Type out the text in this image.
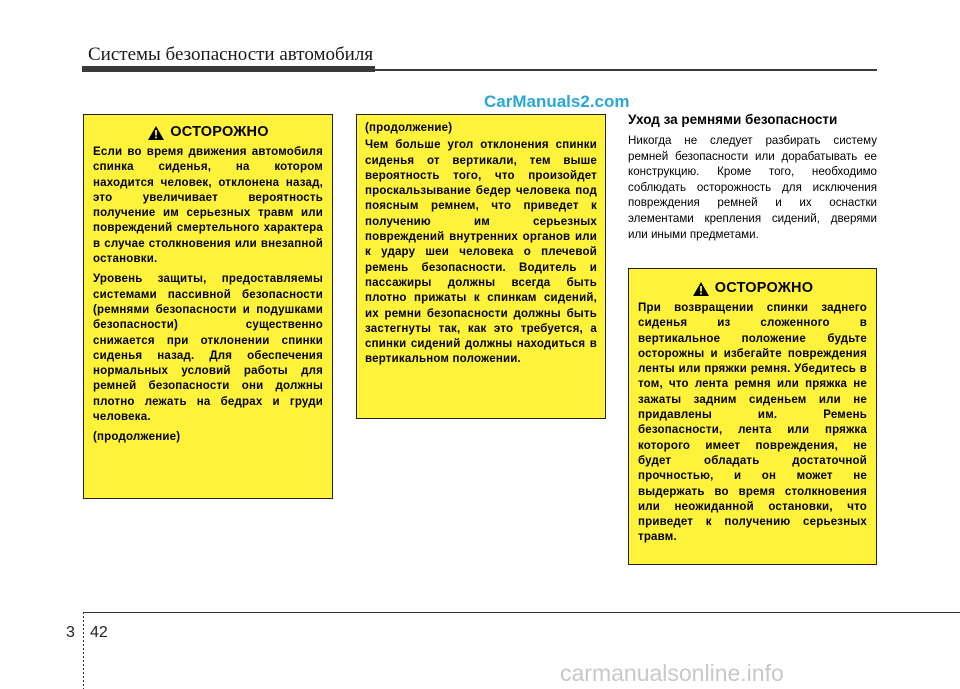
Системы безопасности автомобиля
CarManuals2.com
ОСТОРОЖНО

Если во время движения автомобиля спинка сиденья, на котором находится человек, отклонена назад, это увеличивает вероятность получение им серьезных травм или повреждений смертельного характера в случае столкновения или внезапной остановки.

Уровень защиты, предоставляемы системами пассивной безопасности (ремнями безопасности и подушками безопасности) существенно снижается при отклонении спинки сиденья назад. Для обеспечения нормальных условий работы для ремней безопасности они должны плотно лежать на бедрах и груди человека.

(продолжение)

(продолжение)

Чем больше угол отклонения спинки сиденья от вертикали, тем выше вероятность того, что произойдет проскальзывание бедер человека под поясным ремнем, что приведет к получению им серьезных повреждений внутренних органов или к удару шеи человека о плечевой ремень безопасности. Водитель и пассажиры должны всегда быть плотно прижаты к спинкам сидений, их ремни безопасности должны быть застегнуты так, как это требуется, а спинки сидений должны находиться в вертикальном положении.

Уход за ремнями безопасности
Никогда не следует разбирать систему ремней безопасности или дорабатывать ее конструкцию. Кроме того, необходимо соблюдать осторожность для исключения повреждения ремней и их оснастки элементами крепления сидений, дверями или иными предметами.
ОСТОРОЖНО

При возвращении спинки заднего сиденья из сложенного в вертикальное положение будьте осторожны и избегайте повреждения ленты или пряжки ремня. Убедитесь в том, что лента ремня или пряжка не зажаты задним сиденьем или не придавлены им. Ремень безопасности, лента или пряжка которого имеет повреждения, не будет обладать достаточной прочностью, и он может не выдержать во время столкновения или неожиданной остановки, что приведет к получению серьезных травм.

3 42
carmanualsonline.info
